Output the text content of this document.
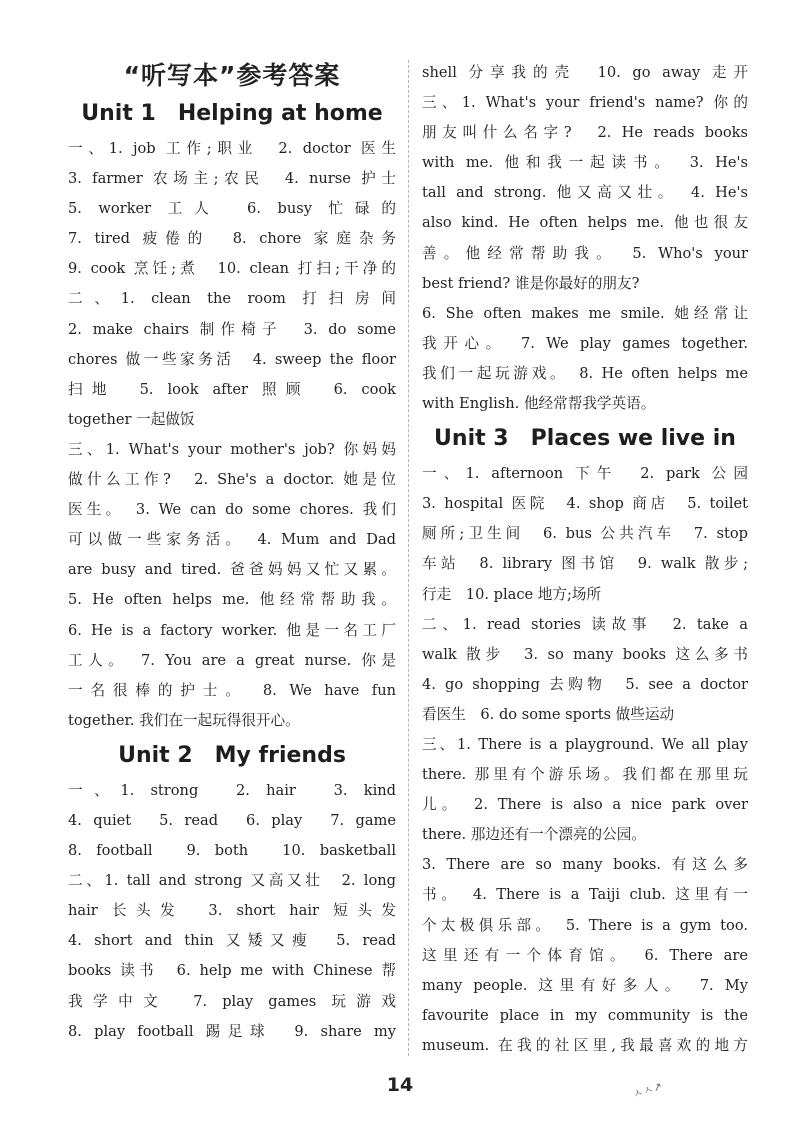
“听写本”参考答案
Unit 1　Helping at home
一、1. job 工作;职业　2. doctor 医生
3. farmer 农场主;农民　4. nurse 护士
5. worker 工人　6. busy 忙碌的
7. tired 疲倦的　8. chore 家庭杂务
9. cook 烹饪;煮　10. clean 打扫;干净的
二、1. clean the room 打扫房间
2. make chairs 制作椅子　3. do some
chores 做一些家务活　4. sweep the floor
扫地　5. look after 照顾　6. cook
together 一起做饭
三、1. What's your mother's job? 你妈妈
做什么工作?　2. She's a doctor. 她是位
医生。　3. We can do some chores. 我们
可以做一些家务活。　4. Mum and Dad
are busy and tired. 爸爸妈妈又忙又累。
5. He often helps me. 他经常帮助我。
6. He is a factory worker. 他是一名工厂
工人。　7. You are a great nurse. 你是
一名很棒的护士。　8. We have fun
together. 我们在一起玩得很开心。
Unit 2　My friends
一、1. strong　2. hair　3. kind
4. quiet　5. read　6. play　7. game
8. football　9. both　10. basketball
二、1. tall and strong 又高又壮　2. long
hair 长头发　3. short hair 短头发
4. short and thin 又矮又瘦　5. read
books 读书　6. help me with Chinese 帮
我学中文　7. play games 玩游戏
8. play football 踢足球　9. share my
shell 分享我的壳　10. go away 走开
三、1. What's your friend's name? 你的
朋友叫什么名字?　2. He reads books
with me. 他和我一起读书。　3. He's
tall and strong. 他又高又壮。　4. He's
also kind. He often helps me. 他也很友
善。他经常帮助我。　5. Who's your
best friend? 谁是你最好的朋友?
6. She often makes me smile. 她经常让
我开心。　7. We play games together.
我们一起玩游戏。　8. He often helps me
with English. 他经常帮我学英语。
Unit 3　Places we live in
一、1. afternoon 下午　2. park 公园
3. hospital 医院　4. shop 商店　5. toilet
厕所;卫生间　6. bus 公共汽车　7. stop
车站　8. library 图书馆　9. walk 散步;
行走　10. place 地方;场所
二、1. read stories 读故事　2. take a
walk 散步　3. so many books 这么多书
4. go shopping 去购物　5. see a doctor
看医生　6. do some sports 做些运动
三、1. There is a playground. We all play
there. 那里有个游乐场。我们都在那里玩
儿。　2. There is also a nice park over
there. 那边还有一个漂亮的公园。
3. There are so many books. 有这么多
书。　4. There is a Taiji club. 这里有一
个太极俱乐部。　5. There is a gym too.
这里还有一个体育馆。　6. There are
many people. 这里有好多人。　7. My
favourite place in my community is the
museum. 在我的社区里,我最喜欢的地方
14	ㅅㅅ↗
